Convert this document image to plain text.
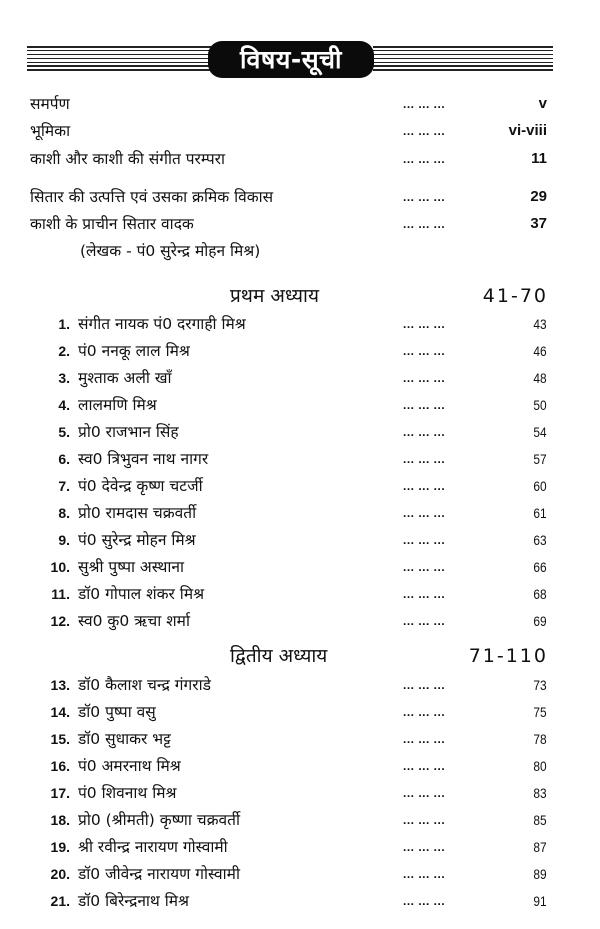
विषय-सूची
समर्पण	... ... ...	v
भूमिका	... ... ...	vi-viii
काशी और काशी की संगीत परम्परा	... ... ...	11
सितार की उत्पत्ति एवं उसका क्रमिक विकास	... ... ...	29
काशी के प्राचीन सितार वादक	... ... ...	37
(लेखक - पं0 सुरेन्द्र मोहन मिश्र)
प्रथम अध्याय	41-70
1. संगीत नायक पं0 दरगाही मिश्र	... ... ...	43
2. पं0 ननकू लाल मिश्र	... ... ...	46
3. मुश्ताक अली खाँ	... ... ...	48
4. लालमणि मिश्र	... ... ...	50
5. प्रो0 राजभान सिंह	... ... ...	54
6. स्व0 त्रिभुवन नाथ नागर	... ... ...	57
7. पं0 देवेन्द्र कृष्ण चटर्जी	... ... ...	60
8. प्रो0 रामदास चक्रवर्ती	... ... ...	61
9. पं0 सुरेन्द्र मोहन मिश्र	... ... ...	63
10. सुश्री पुष्पा अस्थाना	... ... ...	66
11. डॉ0 गोपाल शंकर मिश्र	... ... ...	68
12. स्व0 कु0 ऋचा शर्मा	... ... ...	69
द्वितीय अध्याय	71-110
13. डॉ0 कैलाश चन्द्र गंगराडे	... ... ...	73
14. डॉ0 पुष्पा वसु	... ... ...	75
15. डॉ0 सुधाकर भट्ट	... ... ...	78
16. पं0 अमरनाथ मिश्र	... ... ...	80
17. पं0 शिवनाथ मिश्र	... ... ...	83
18. प्रो0 (श्रीमती) कृष्णा चक्रवर्ती	... ... ...	85
19. श्री रवीन्द्र नारायण गोस्वामी	... ... ...	87
20. डॉ0 जीवेन्द्र नारायण गोस्वामी	... ... ...	89
21. डॉ0 बिरेन्द्रनाथ मिश्र	... ... ...	91
